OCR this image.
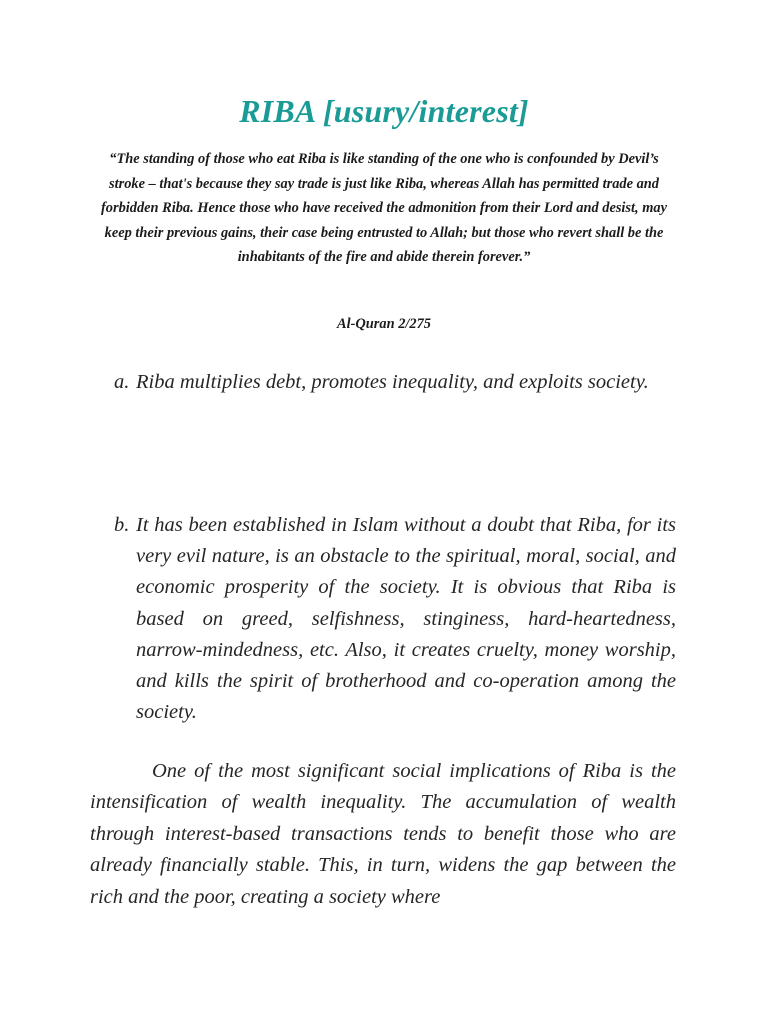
RIBA [usury/interest]

“The standing of those who eat Riba is like standing of the one who is confounded by Devil’s stroke – that's because they say trade is just like Riba, whereas Allah has permitted trade and forbidden Riba. Hence those who have received the admonition from their Lord and desist, may keep their previous gains, their case being entrusted to Allah; but those who revert shall be the inhabitants of the fire and abide therein forever.”

Al-Quran 2/275

a. Riba multiplies debt, promotes inequality, and exploits society.
b. It has been established in Islam without a doubt that Riba, for its very evil nature, is an obstacle to the spiritual, moral, social, and economic prosperity of the society. It is obvious that Riba is based on greed, selfishness, stinginess, hard-heartedness, narrow-mindedness, etc. Also, it creates cruelty, money worship, and kills the spirit of brotherhood and co-operation among the society.

One of the most significant social implications of Riba is the intensification of wealth inequality. The accumulation of wealth through interest-based transactions tends to benefit those who are already financially stable. This, in turn, widens the gap between the rich and the poor, creating a society where
